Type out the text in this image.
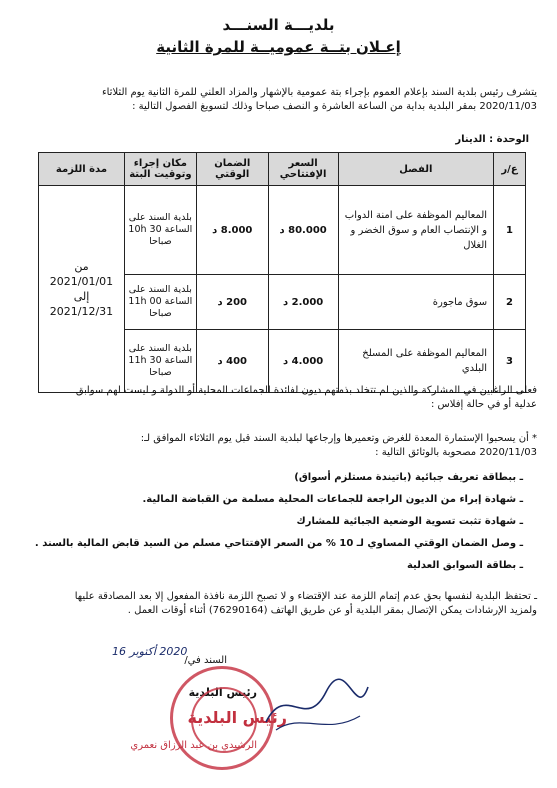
بلديـــة السنـــد
إعـلان بتــة عموميــة للمرة الثانية
يتشرف رئيس بلدية السند بإعلام العموم بإجراء بتة عمومية بالإشهار والمزاد العلني للمرة الثانية يوم الثلاثاء
2020/11/03 بمقر البلدية بداية من الساعة العاشرة و النصف صباحا وذلك لتسويغ الفصول التالية :
الوحدة : الدينار
ع/ر	الفصل	السعر الإفتتاحي	الضمان الوقتي	مكان إجراء وتوقيت البتة	مدة اللزمة
1	المعاليم الموظفة على امنة الدواب و الإنتصاب العام و سوق الخضر و الغلال	80.000 د	8.000 د	بلدية السند على الساعة 10h 30 صباحا	من
2021/01/01
إلى
2021/12/31

2	سوق ماجورة	2.000 د	200 د	بلدية السند على الساعة 11h 00 صباحا	
3	المعاليم الموظفة على المسلخ البلدي	4.000 د	400 د	بلدية السند على الساعة 11h 30 صباحا	
فعلى الراغبين في المشاركة والذين لم تتخلد بذمتهم ديون لفائدة الجماعات المحلية أو الدولة و ليست لهم سوابق
عدلية أو في حالة إفلاس :
* أن يسحبوا الإستمارة المعدة للغرض وتعميرها وإرجاعها لبلدية السند قبل يوم الثلاثاء الموافق لـ:
2020/11/03 مصحوبة بالوثائق التالية :
ـ ببطاقة تعريف جبائية (باتيندة مستلزم أسواق)
ـ شهادة إبراء من الديون الراجعة للجماعات المحلية مسلمة من القباضة المالية.
ـ شهادة تثبت تسوية الوضعية الجبائية للمشارك
ـ وصل الضمان الوقتي المساوي لـ 10 % من السعر الإفتتاحي مسلم من السيد قابض المالية بالسند .
ـ بطاقة السوابق العدلية
ـ تحتفظ البلدية لنفسها بحق عدم إتمام اللزمة عند الإقتضاء و لا تصبح اللزمة نافذة المفعول إلا بعد المصادقة عليها
ولمزيد الإرشادات يمكن الإتصال بمقر البلدية أو عن طريق الهاتف (76290164) أثناء أوقات العمل .
2020 أكتوبر 16
السند في/
رئيس البلدية
رئيس البلدية
الرشيدي بن عبد الرزاق نعمري
